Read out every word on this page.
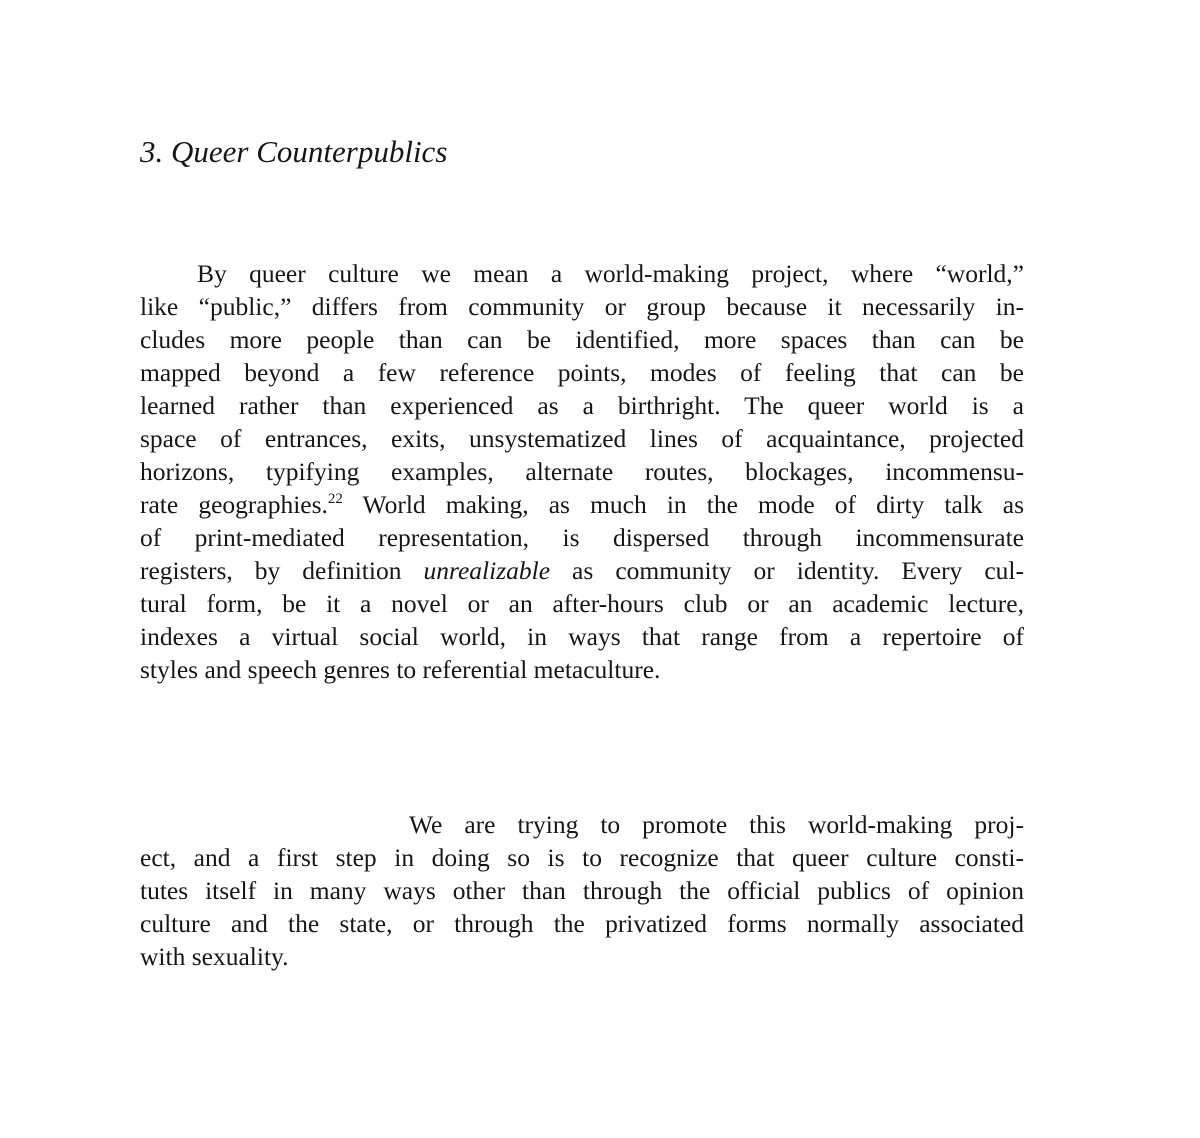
3. Queer Counterpublics
By queer culture we mean a world-making project, where “world,”
like “public,” differs from community or group because it necessarily in-
cludes more people than can be identified, more spaces than can be
mapped beyond a few reference points, modes of feeling that can be
learned rather than experienced as a birthright. The queer world is a
space of entrances, exits, unsystematized lines of acquaintance, projected
horizons, typifying examples, alternate routes, blockages, incommensu-
rate geographies.$^{22}$ World making, as much in the mode of dirty talk as
of print-mediated representation, is dispersed through incommensurate
registers, by definition unrealizable as community or identity. Every cul-
tural form, be it a novel or an after-hours club or an academic lecture,
indexes a virtual social world, in ways that range from a repertoire of
styles and speech genres to referential metaculture.
We are trying to promote this world-making proj-
ect, and a first step in doing so is to recognize that queer culture consti-
tutes itself in many ways other than through the official publics of opinion
culture and the state, or through the privatized forms normally associated
with sexuality.
